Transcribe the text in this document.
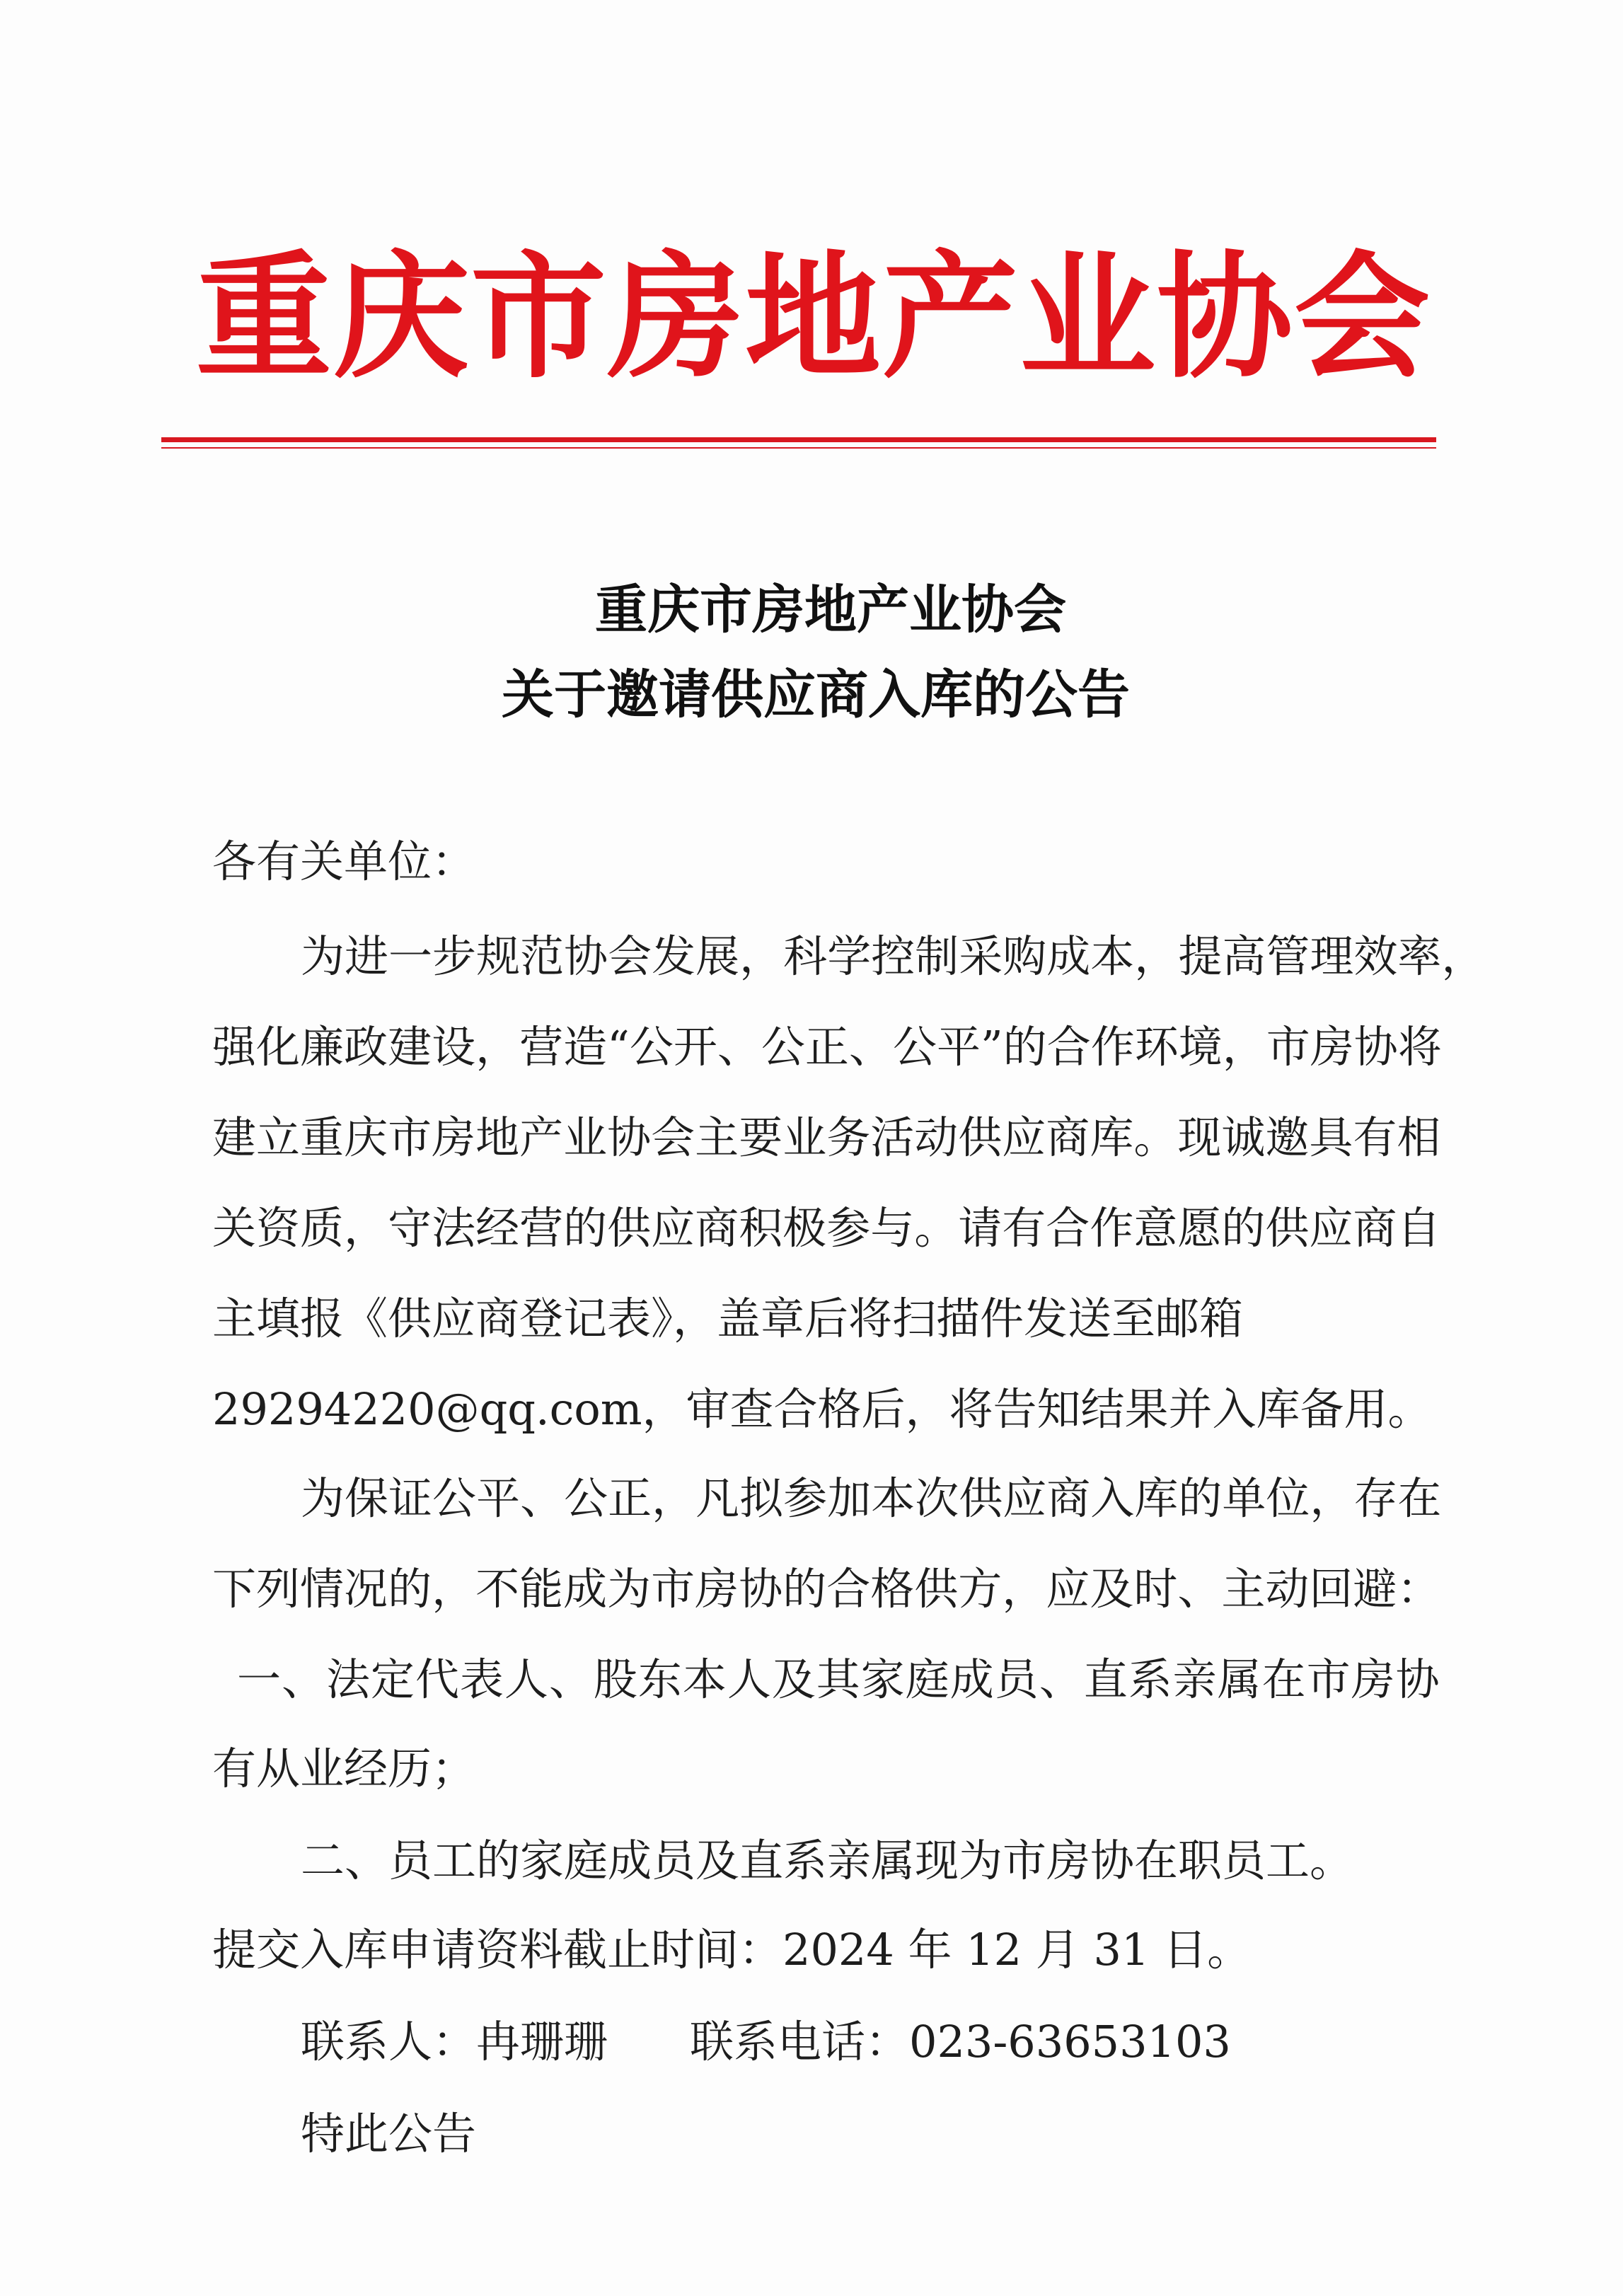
重庆市房地产业协会
重庆市房地产业协会
关于邀请供应商入库的公告
各有关单位：
为 进 一 步 规 范 协 会 发 展 ， 科 学 控 制 采 购 成 本 ， 提 高 管 理 效 率 ，
强 化 廉 政 建 设 ， 营 造 “ 公 开 、 公 正 、 公 平 ” 的 合 作 环 境 ， 市 房 协 将
建 立 重 庆 市 房 地 产 业 协 会 主 要 业 务 活 动 供 应 商 库 。 现 诚 邀 具 有 相
关 资 质 ， 守 法 经 营 的 供 应 商 积 极 参 与 。 请 有 合 作 意 愿 的 供 应 商 自
主填报《供应商登记表》，盖章后将扫描件发送至邮箱
29294220@qq.com，审查合格后，将告知结果并入库备用。
为 保 证 公 平 、 公 正 ， 凡 拟 参 加 本 次 供 应 商 入 库 的 单 位 ， 存 在
下 列 情 况 的 ， 不 能 成 为 市 房 协 的 合 格 供 方 ， 应 及 时 、 主 动 回 避 ：
一 、 法 定 代 表 人 、 股 东 本 人 及 其 家 庭 成 员 、 直 系 亲 属 在 市 房 协
有从业经历；
二、员工的家庭成员及直系亲属现为市房协在职员工。
提交入库申请资料截止时间：2024 年 12 月 31 日。
联系人：冉珊珊 联系电话：023-63653103
特此公告
